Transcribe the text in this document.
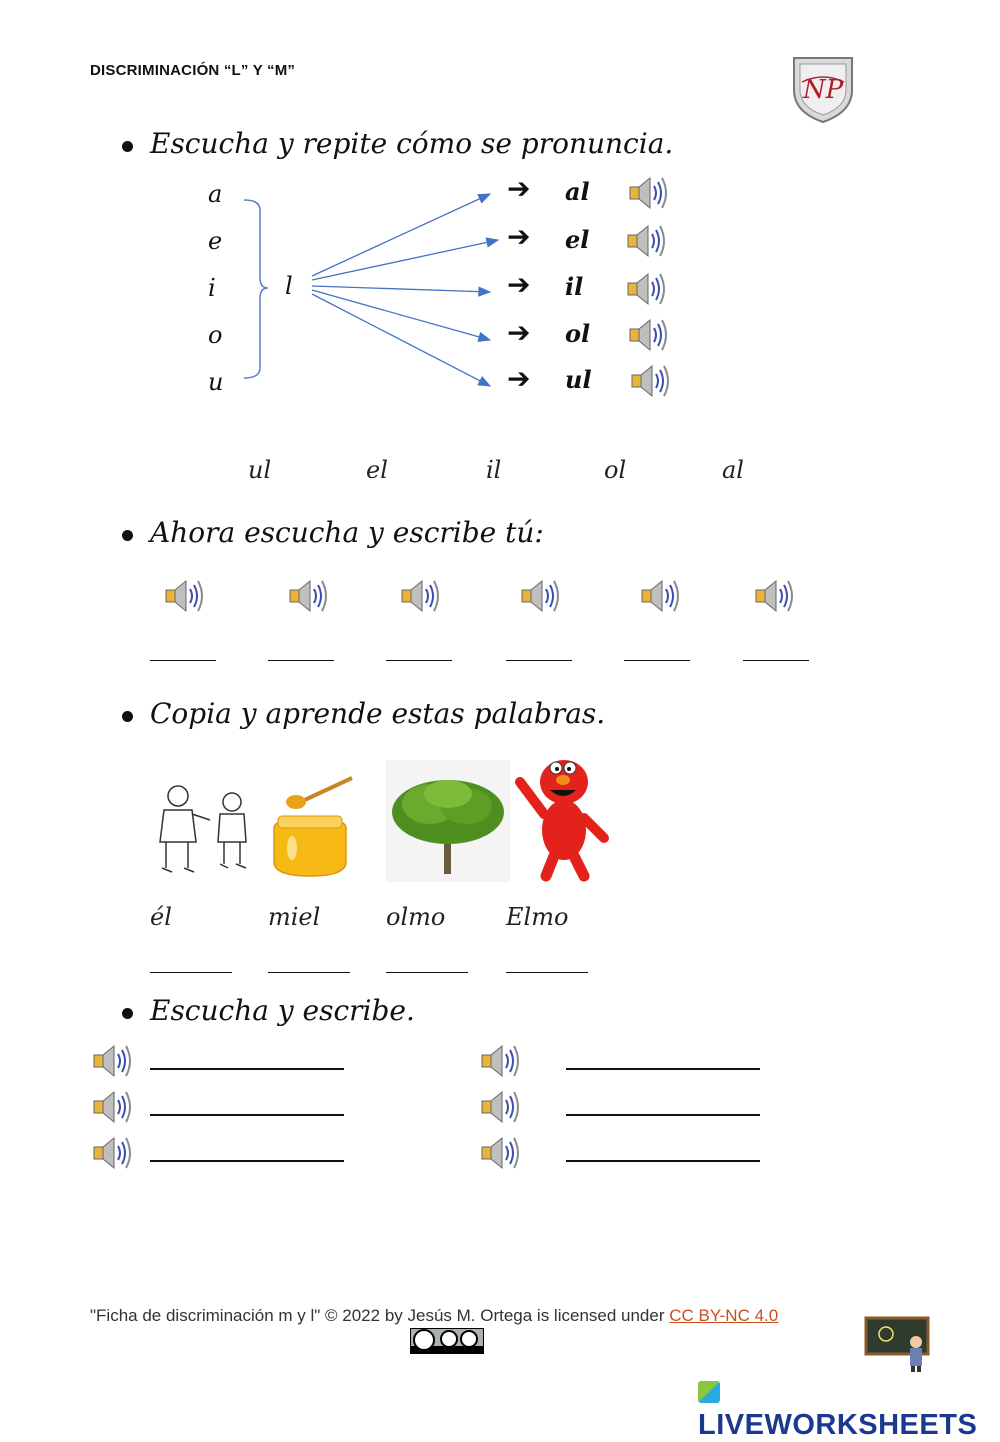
DISCRIMINACIÓN “L” Y “M”
NP
Escucha y repite cómo se pronuncia.
a
e
i
o
u
l
➔
➔
➔
➔
➔
al
el
il
ol
ul
ul	el	il	ol	al
Ahora escucha y escribe tú:
Copia y aprende estas palabras.
él	miel	olmo	Elmo
Escucha y escribe.
"Ficha de discriminación m y l" © 2022 by Jesús M. Ortega is licensed under CC BY-NC 4.0
LIVEWORKSHEETS
